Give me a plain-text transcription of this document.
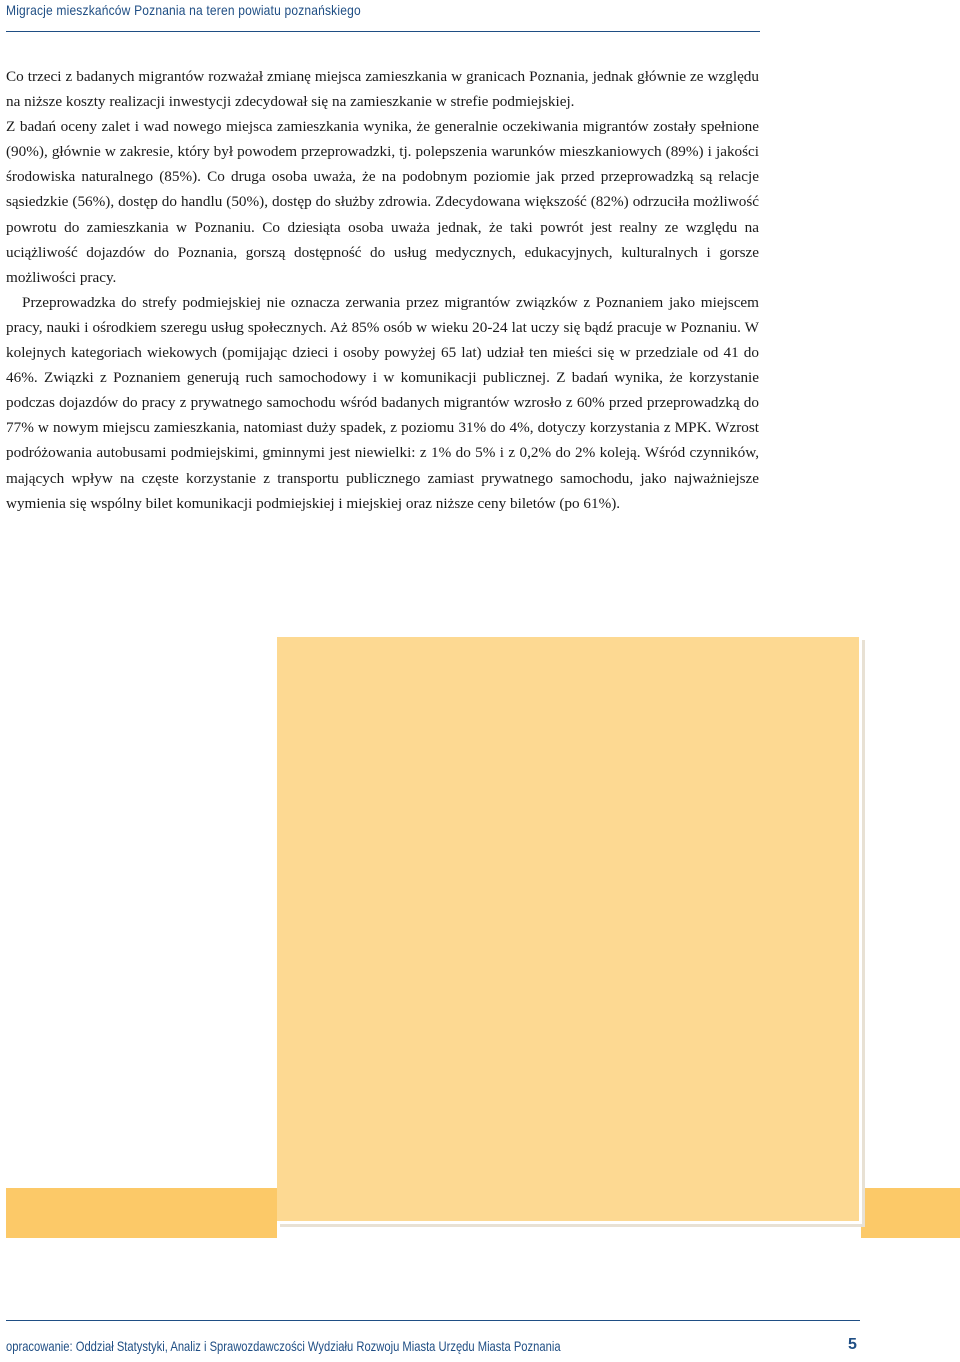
Migracje mieszkańców Poznania na teren powiatu poznańskiego

Co trzeci z badanych migrantów rozważał zmianę miejsca zamieszkania w granicach Poznania, jednak głównie ze względu na niższe koszty realizacji inwestycji zdecydował się na zamieszkanie w strefie podmiejskiej.

Z badań oceny zalet i wad nowego miejsca zamieszkania wynika, że generalnie oczekiwania migrantów zostały spełnione (90%), głównie w zakresie, który był powodem przeprowadzki, tj. polepszenia warunków mieszkaniowych (89%) i jakości środowiska naturalnego (85%). Co druga osoba uważa, że na podobnym poziomie jak przed przeprowadzką są relacje sąsiedzkie (56%), dostęp do handlu (50%), dostęp do służby zdrowia. Zdecydowana większość (82%) odrzuciła możliwość powrotu do zamieszkania w Poznaniu. Co dziesiąta osoba uważa jednak, że taki powrót jest realny ze względu na uciążliwość dojazdów do Poznania, gorszą dostępność do usług medycznych, edukacyjnych, kulturalnych i gorsze możliwości pracy.

Przeprowadzka do strefy podmiejskiej nie oznacza zerwania przez migrantów związków z Poznaniem jako miejscem pracy, nauki i ośrodkiem szeregu usług społecznych. Aż 85% osób w wieku 20-24 lat uczy się bądź pracuje w Poznaniu. W kolejnych kategoriach wiekowych (pomijając dzieci i osoby powyżej 65 lat) udział ten mieści się w przedziale od 41 do 46%. Związki z Poznaniem generują ruch samochodowy i w komunikacji publicznej. Z badań wynika, że korzystanie podczas dojazdów do pracy z prywatnego samochodu wśród badanych migrantów wzrosło z 60% przed przeprowadzką do 77% w nowym miejscu zamieszkania, natomiast duży spadek, z poziomu 31% do 4%, dotyczy korzystania z MPK. Wzrost podróżowania autobusami podmiejskimi, gminnymi jest niewielki: z 1% do 5% i z 0,2% do 2% koleją. Wśród czynników, mających wpływ na częste korzystanie z transportu publicznego zamiast prywatnego samochodu, jako najważniejsze wymienia się wspólny bilet komunikacji podmiejskiej i miejskiej oraz niższe ceny biletów (po 61%).

opracowanie: Oddział Statystyki, Analiz i Sprawozdawczości Wydziału Rozwoju Miasta Urzędu Miasta Poznania	5
